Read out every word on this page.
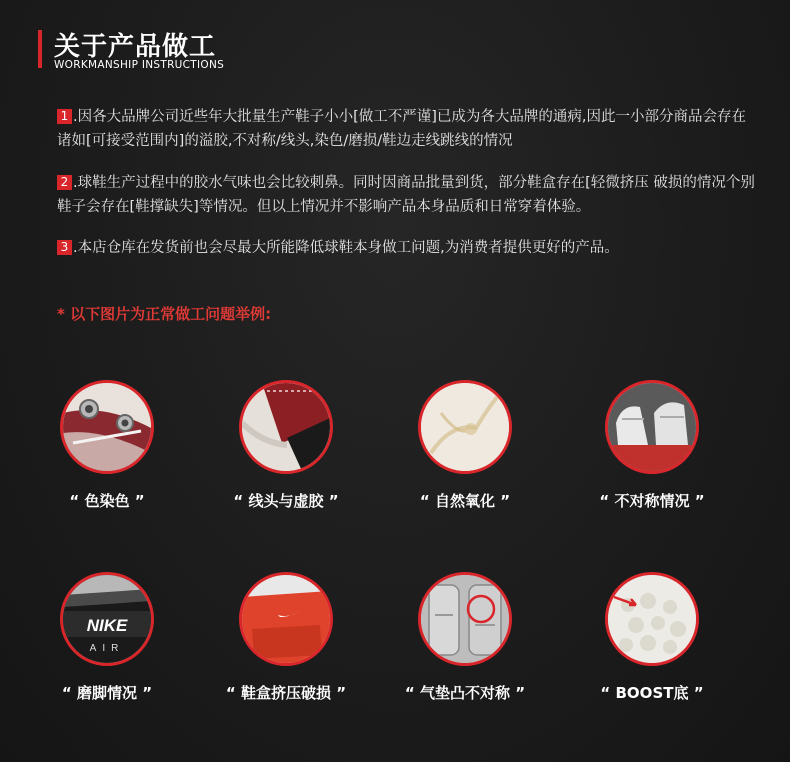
关于产品做工
WORKMANSHIP INSTRUCTIONS
1 .因各大品牌公司近些年大批量生产鞋子小小[做工不严谨]已成为各大品牌的通病,因此一小部分商品会存在诸如[可接受范围内]的溢胶,不对称/线头,染色/磨损/鞋边走线跳线的情况
2 .球鞋生产过程中的胶水气味也会比较刺鼻。同时因商品批量到货，部分鞋盒存在[轻微挤压 破损的情况个别鞋子会存在[鞋撑缺失]等情况。但以上情况并不影响产品本身品质和日常穿着体验。
3 .本店仓库在发货前也会尽最大所能降低球鞋本身做工问题,为消费者提供更好的产品。
* 以下图片为正常做工问题举例:
“ 色染色 ”	“ 线头与虚胶 ”	“ 自然氧化 ”	“ 不对称情况 ”
NIKE
AIR
“ 磨脚情况 ”	“ 鞋盒挤压破损 ”	“ 气垫凸不对称 ”	“ BOOST底 ”
